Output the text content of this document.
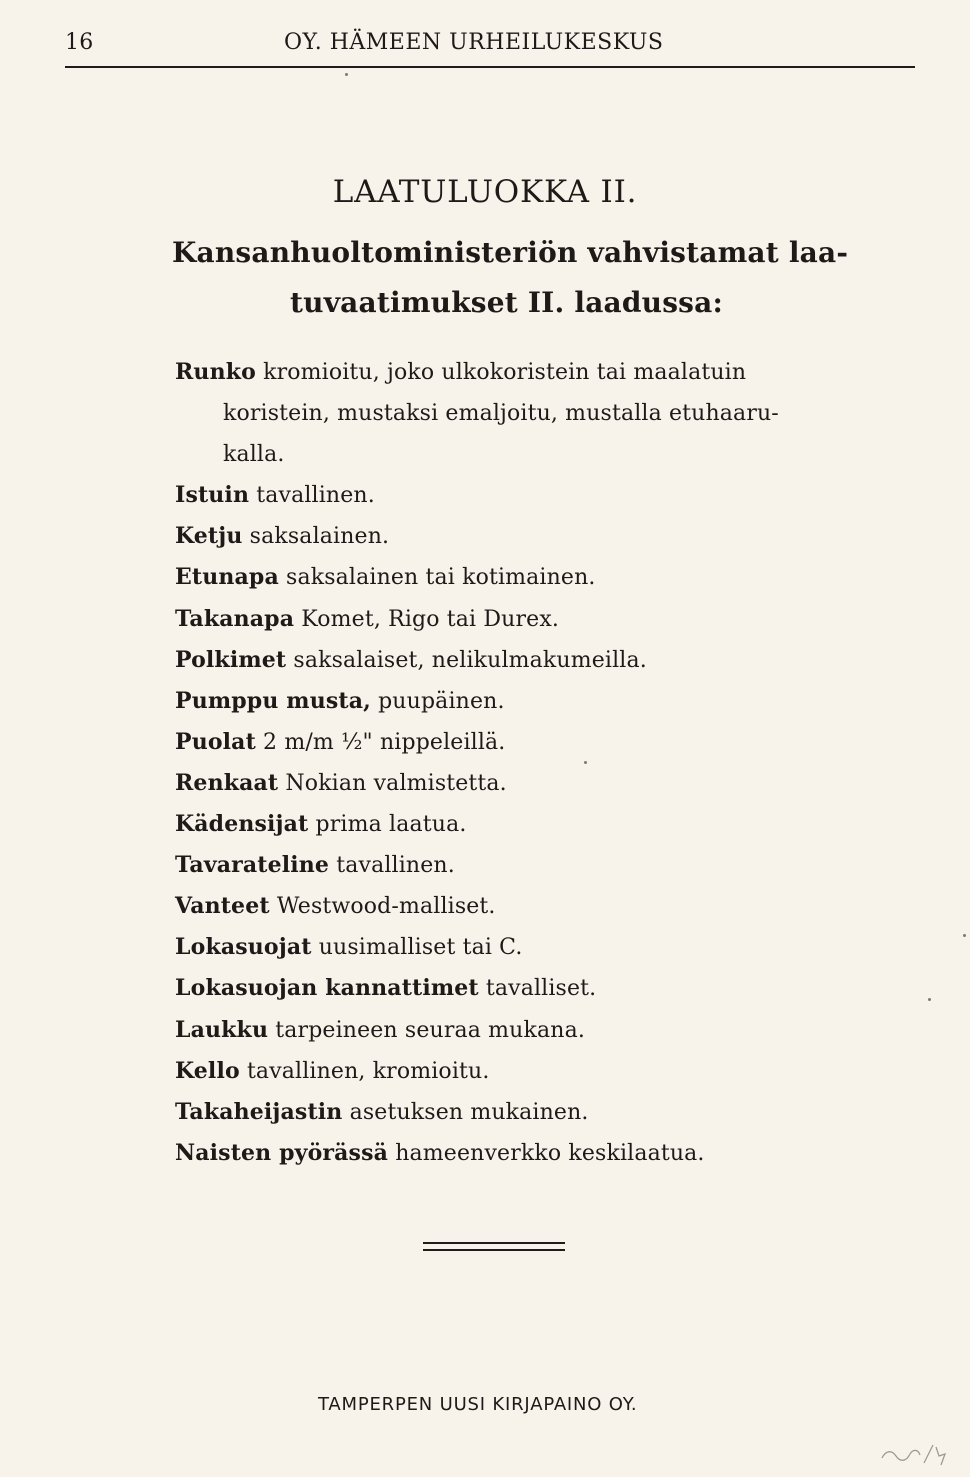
16	OY. HÄMEEN URHEILUKESKUS
LAATULUOKKA II.
Kansanhuoltoministeriön vahvistamat laa-
tuvaatimukset II. laadussa:
Runko kromioitu, joko ulkokoristein tai maalatuin
koristein, mustaksi emaljoitu, mustalla etuhaaru-
kalla.
Istuin tavallinen.
Ketju saksalainen.
Etunapa saksalainen tai kotimainen.
Takanapa Komet, Rigo tai Durex.
Polkimet saksalaiset, nelikulmakumeilla.
Pumppu musta, puupäinen.
Puolat 2 m/m ½" nippeleillä.
Renkaat Nokian valmistetta.
Kädensijat prima laatua.
Tavarateline tavallinen.
Vanteet Westwood-malliset.
Lokasuojat uusimalliset tai C.
Lokasuojan kannattimet tavalliset.
Laukku tarpeineen seuraa mukana.
Kello tavallinen, kromioitu.
Takaheijastin asetuksen mukainen.
Naisten pyörässä hameenverkko keskilaatua.
TAMPERPEN UUSI KIRJAPAINO OY.
